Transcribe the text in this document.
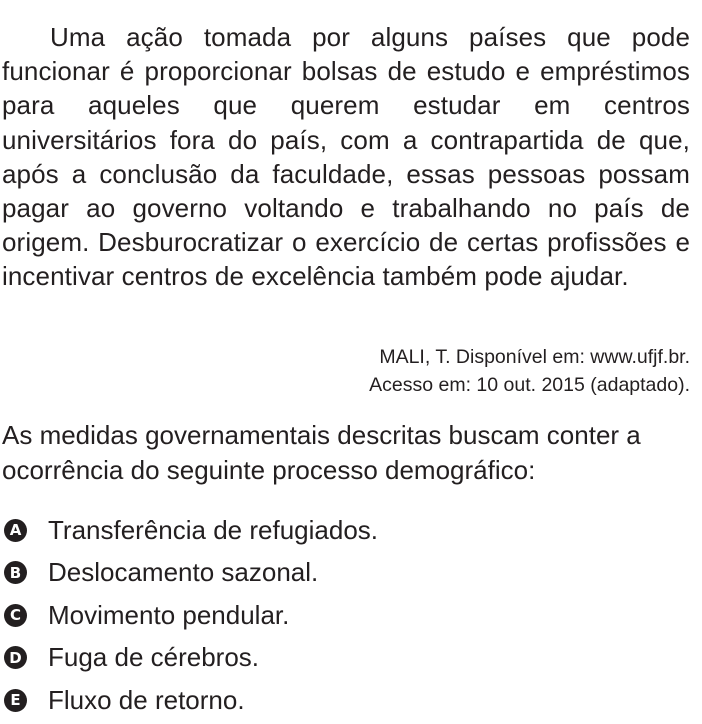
Uma ação tomada por alguns países que pode funcionar é proporcionar bolsas de estudo e empréstimos para aqueles que querem estudar em centros universitários fora do país, com a contrapartida de que, após a conclusão da faculdade, essas pessoas possam pagar ao governo voltando e trabalhando no país de origem. Desburocratizar o exercício de certas profissões e incentivar centros de excelência também pode ajudar.

MALI, T. Disponível em: www.ufjf.br.
Acesso em: 10 out. 2015 (adaptado).

As medidas governamentais descritas buscam conter a ocorrência do seguinte processo demográfico:

A Transferência de refugiados.
B Deslocamento sazonal.
C Movimento pendular.
D Fuga de cérebros.
E Fluxo de retorno.
